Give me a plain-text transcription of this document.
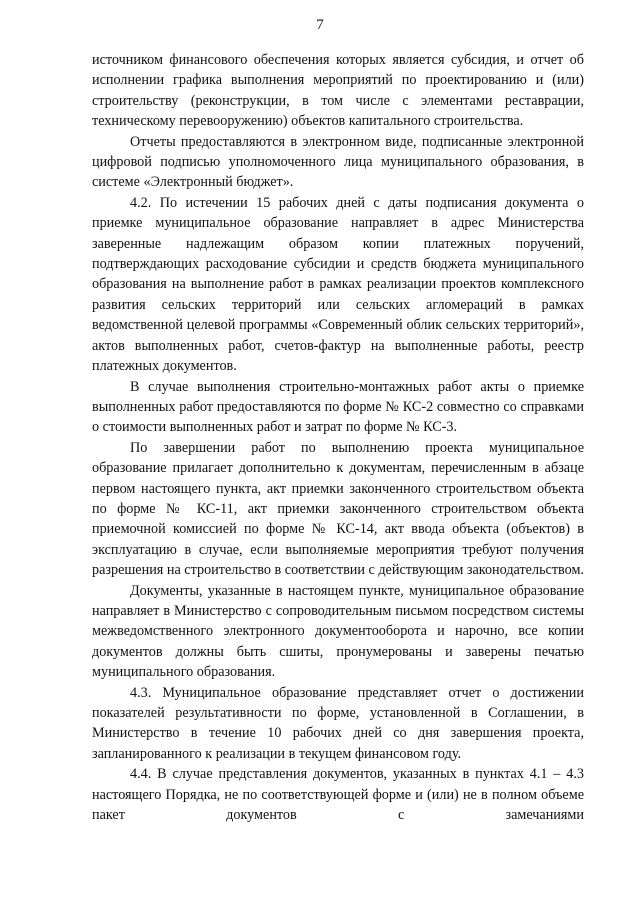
7

источником финансового обеспечения которых является субсидия, и отчет об исполнении графика выполнения мероприятий по проектированию и (или) строительству (реконструкции, в том числе с элементами реставрации, техническому перевооружению) объектов капитального строительства.

Отчеты предоставляются в электронном виде, подписанные электронной цифровой подписью уполномоченного лица муниципального образования, в системе «Электронный бюджет».

4.2. По истечении 15 рабочих дней с даты подписания документа о приемке муниципальное образование направляет в адрес Министерства заверенные надлежащим образом копии платежных поручений, подтверждающих расходование субсидии и средств бюджета муниципального образования на выполнение работ в рамках реализации проектов комплексного развития сельских территорий или сельских агломераций в рамках ведомственной целевой программы «Современный облик сельских территорий», актов выполненных работ, счетов-фактур на выполненные работы, реестр платежных документов.

В случае выполнения строительно-монтажных работ акты о приемке выполненных работ предоставляются по форме № КС-2 совместно со справками о стоимости выполненных работ и затрат по форме № КС-3.

По завершении работ по выполнению проекта муниципальное образование прилагает дополнительно к документам, перечисленным в абзаце первом настоящего пункта, акт приемки законченного строительством объекта по форме № КС-11, акт приемки законченного строительством объекта приемочной комиссией по форме № КС-14, акт ввода объекта (объектов) в эксплуатацию в случае, если выполняемые мероприятия требуют получения разрешения на строительство в соответствии с действующим законодательством.

Документы, указанные в настоящем пункте, муниципальное образование направляет в Министерство с сопроводительным письмом посредством системы межведомственного электронного документооборота и нарочно, все копии документов должны быть сшиты, пронумерованы и заверены печатью муниципального образования.

4.3. Муниципальное образование представляет отчет о достижении показателей результативности по форме, установленной в Соглашении, в Министерство в течение 10 рабочих дней со дня завершения проекта, запланированного к реализации в текущем финансовом году.

4.4. В случае представления документов, указанных в пунктах 4.1 – 4.3 настоящего Порядка, не по соответствующей форме и (или) не в полном объеме пакет документов с замечаниями
